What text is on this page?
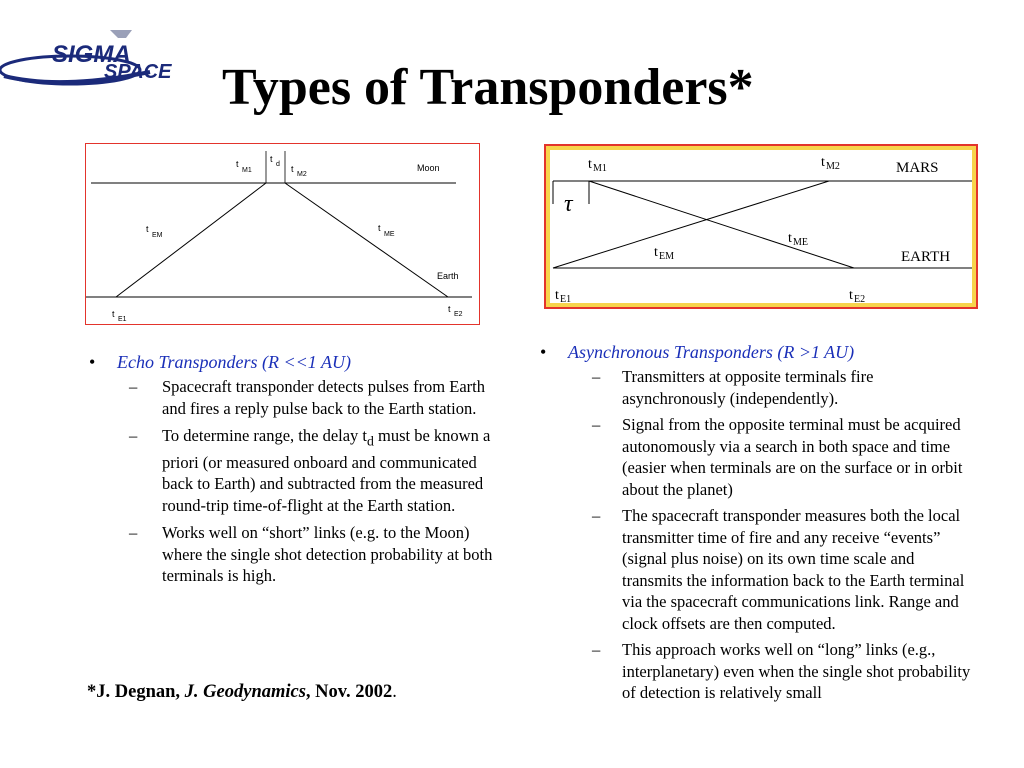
SIGMA
SPACE Types of Transponders*
t
M1
t
d t
M2
Moon
t
EM
t
ME
Earth
t
E1
t
E2
t M1	t M2	MARS
τ
t ME
t EM	EARTH
t E1	t E2
• Echo Transponders (R <<1 AU)
– Spacecraft transponder detects pulses from Earth and fires a reply pulse back to the Earth station.
– To determine range, the delay $t_d$ must be known a priori (or measured onboard and communicated back to Earth) and subtracted from the measured round-trip time-of-flight at the Earth station.
– Works well on “short” links (e.g. to the Moon) where the single shot detection probability at both terminals is high.
• Asynchronous Transponders (R >1 AU)
– Transmitters at opposite terminals fire asynchronously (independently).
– Signal from the opposite terminal must be acquired autonomously via a search in both space and time (easier when terminals are on the surface or in orbit about the planet)
– The spacecraft transponder measures both the local transmitter time of fire and any receive “events” (signal plus noise) on its own time scale and transmits the information back to the Earth terminal via the spacecraft communications link. Range and clock offsets are then computed.
– This approach works well on “long” links (e.g., interplanetary) even when the single shot probability of detection is relatively small
*J. Degnan, J. Geodynamics, Nov. 2002.
